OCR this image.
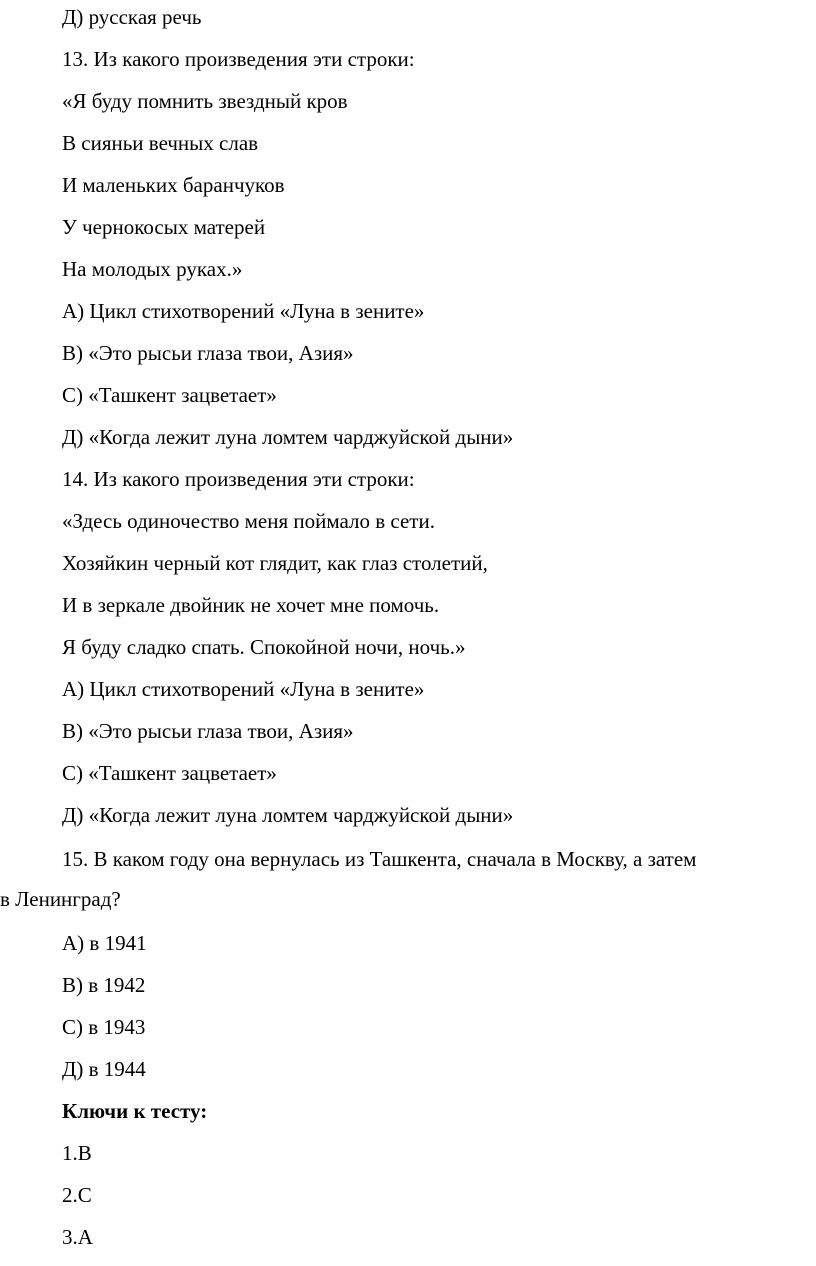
Д) русская речь
13. Из какого произведения эти строки:
«Я буду помнить звездный кров
В сияньи вечных слав
И маленьких баранчуков
У чернокосых матерей
На молодых руках.»
А) Цикл стихотворений «Луна в зените»
В) «Это рысьи глаза твои, Азия»
С) «Ташкент зацветает»
Д) «Когда лежит луна ломтем чарджуйской дыни»
14. Из какого произведения эти строки:
«Здесь одиночество меня поймало в сети.
Хозяйкин черный кот глядит, как глаз столетий,
И в зеркале двойник не хочет мне помочь.
Я буду сладко спать. Спокойной ночи, ночь.»
А) Цикл стихотворений «Луна в зените»
В) «Это рысьи глаза твои, Азия»
С) «Ташкент зацветает»
Д) «Когда лежит луна ломтем чарджуйской дыни»
15. В каком году она вернулась из Ташкента, сначала в Москву, а затем
в Ленинград?
А) в 1941
В) в 1942
С) в 1943
Д) в 1944
Ключи к тесту:
1.В
2.С
3.А
